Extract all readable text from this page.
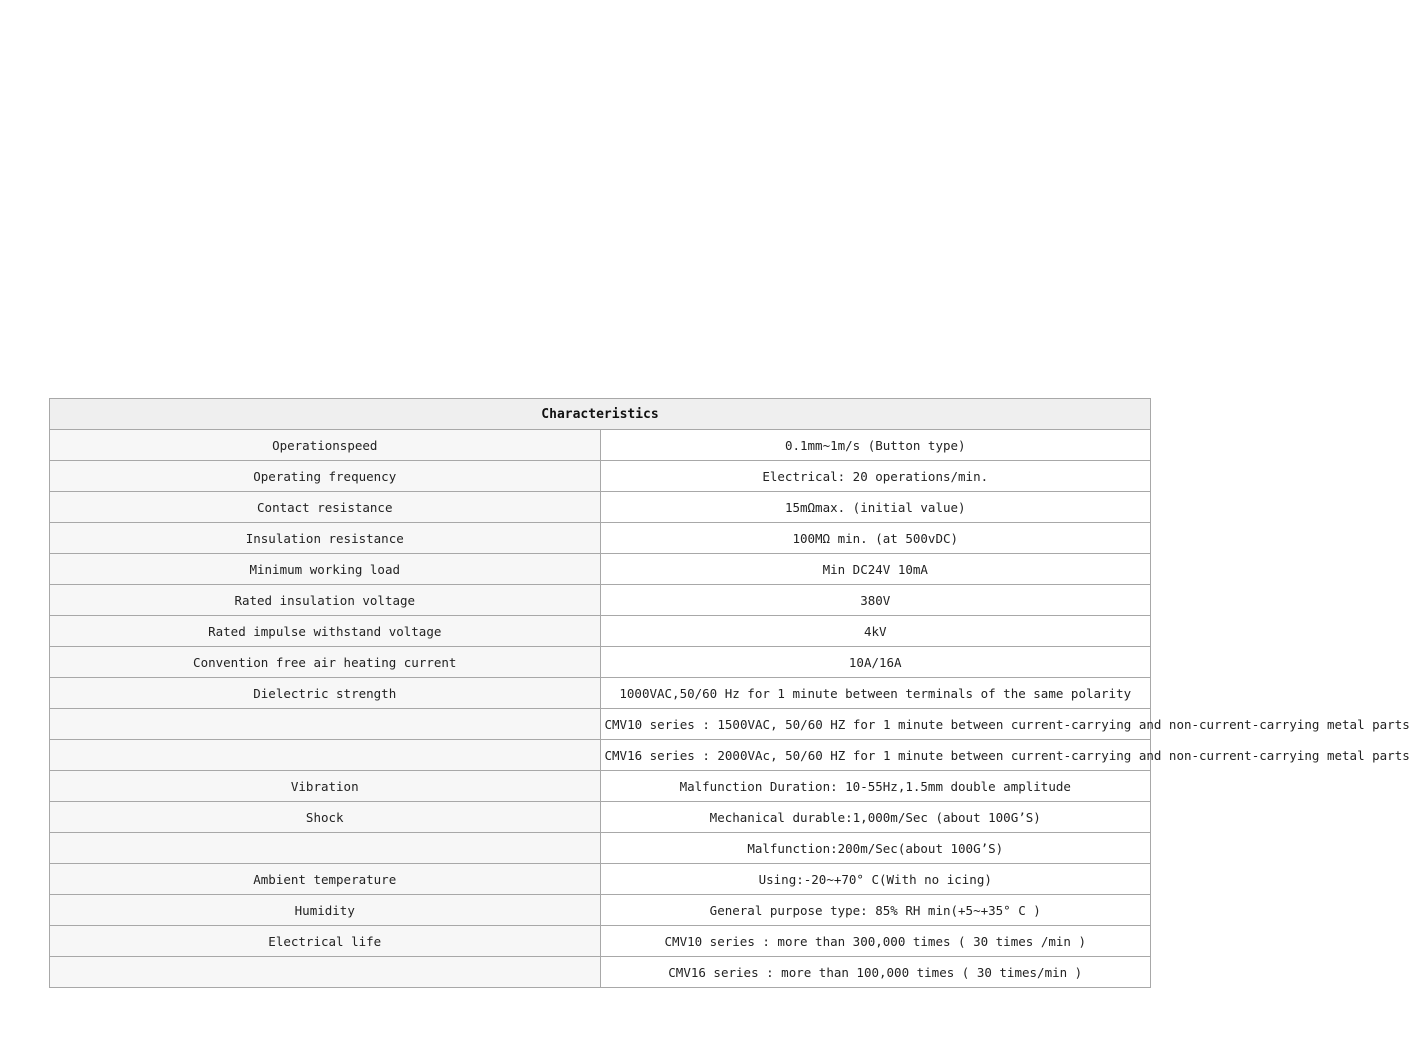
Characteristics	
Operationspeed	0.1mm~1m/s (Button type)
Operating frequency	Electrical: 20 operations/min.
Contact resistance	15mΩmax. (initial value)
Insulation resistance	100MΩ min. (at 500vDC)
Minimum working load	Min DC24V 10mA
Rated insulation voltage	380V
Rated impulse withstand voltage	4kV
Convention free air heating current	10A/16A
Dielectric strength	1000VAC,50/60 Hz for 1 minute between terminals of the same polarity
	CMV10 series : 1500VAC, 50/60 HZ for 1 minute between current-carrying and non-current-carrying metal parts
	CMV16 series : 2000VAc, 50/60 HZ for 1 minute between current-carrying and non-current-carrying metal parts
Vibration	Malfunction Duration: 10-55Hz,1.5mm double amplitude
Shock	Mechanical durable:1,000m/Sec (about 100G’S)
	Malfunction:200m/Sec(about 100G’S)
Ambient temperature	Using:-20~+70° C(With no icing)
Humidity	General purpose type: 85% RH min(+5~+35° C )
Electrical life	CMV10 series : more than 300,000 times ( 30 times /min )
	CMV16 series : more than 100,000 times ( 30 times/min )
